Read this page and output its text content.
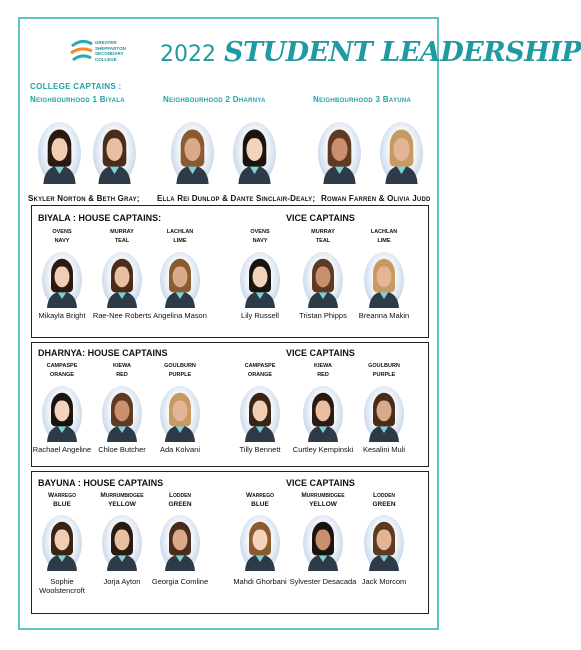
GREATER
SHEPPARTON
SECONDARY
COLLEGE	2022 STUDENT LEADERSHIP
COLLEGE CAPTAINS :
Neighbourhood 1 Biyala	Neighbourhood 2 Dharnya	Neighbourhood 3 Bayuna
Skyler Norton & Beth Gray; Ella Rei Dunlop & Dante Sinclair-Dealy; Rowan Farren & Olivia Judd
BIYALA : HOUSE CAPTAINS:	VICE CAPTAINS
DHARNYA: HOUSE CAPTAINS	VICE CAPTAINS
BAYUNA : HOUSE CAPTAINS	VICE CAPTAINS
OVENS
NAVY
Mikayla Bright
MURRAY
TEAL
Rae-Nee Roberts
LACHLAN
LIME
Angelina Mason
OVENS
NAVY
Lily Russell
MURRAY
TEAL
Tristan Phipps
LACHLAN
LIME
Breanna Makin
CAMPASPE
ORANGE
Rachael Angeline
KIEWA
RED
Chloe Butcher
GOULBURN
PURPLE
Ada Kolvani
CAMPASPE
ORANGE
Tilly Bennett
KIEWA
RED
Curtley Kempinski
GOULBURN
PURPLE
Kesalini Muli
Warrego
BLUE
Sophie
Woolstencroft
Murrumbidgee
YELLOW
Jorja Ayton
Lodden
GREEN
Georgia Comline
Warrego
BLUE
Mahdi Ghorbani
Murrumbidgee
YELLOW
Sylvester Desacada
Lodden
GREEN
Jack Morcom
